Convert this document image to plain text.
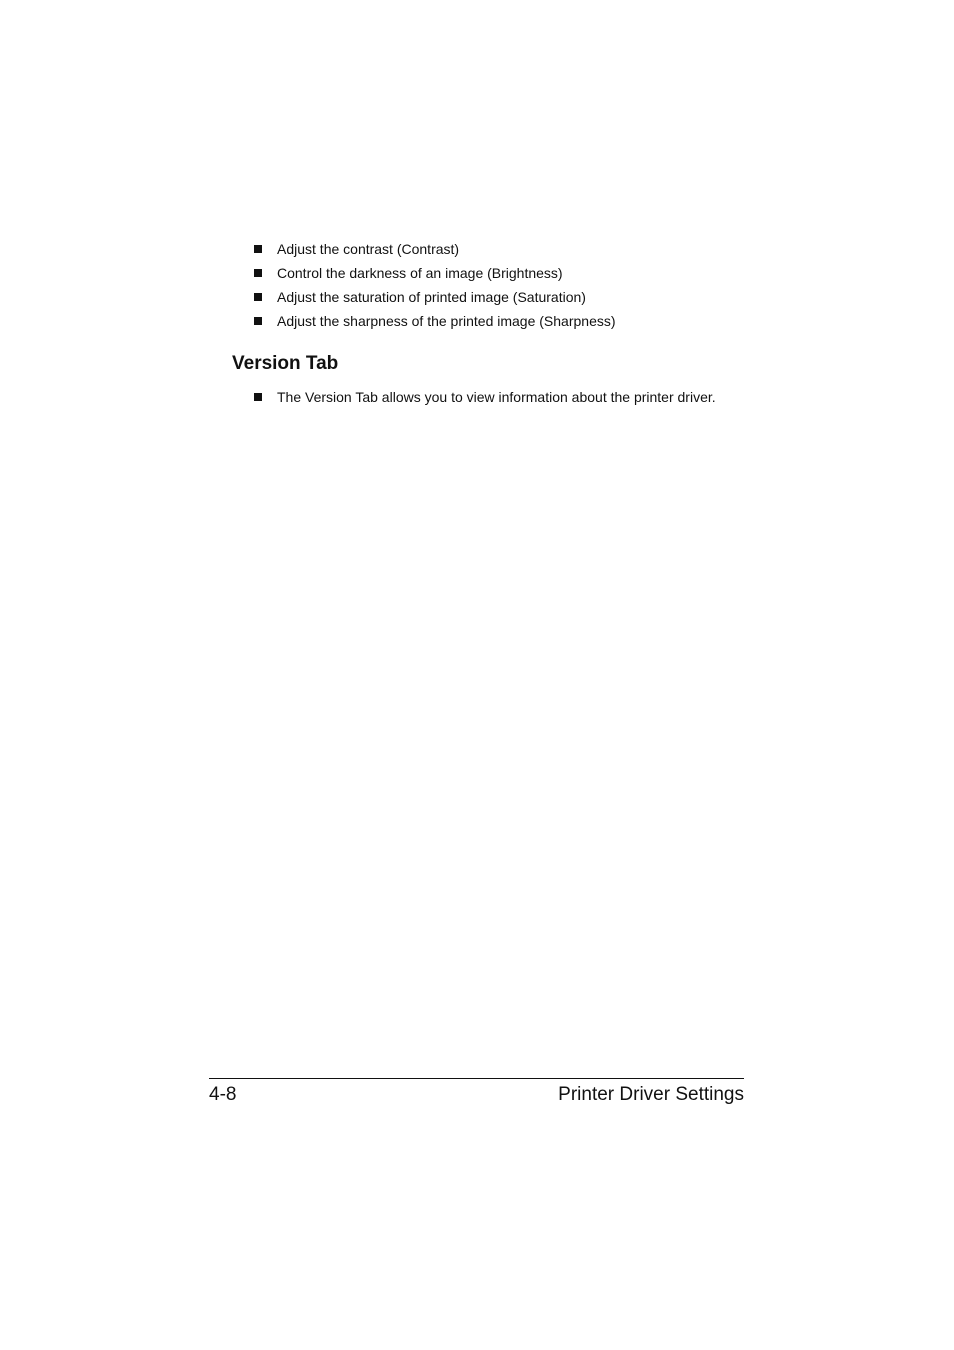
Adjust the contrast (Contrast)
Control the darkness of an image (Brightness)
Adjust the saturation of printed image (Saturation)
Adjust the sharpness of the printed image (Sharpness)
Version Tab
The Version Tab allows you to view information about the printer driver.
4-8	Printer Driver Settings
